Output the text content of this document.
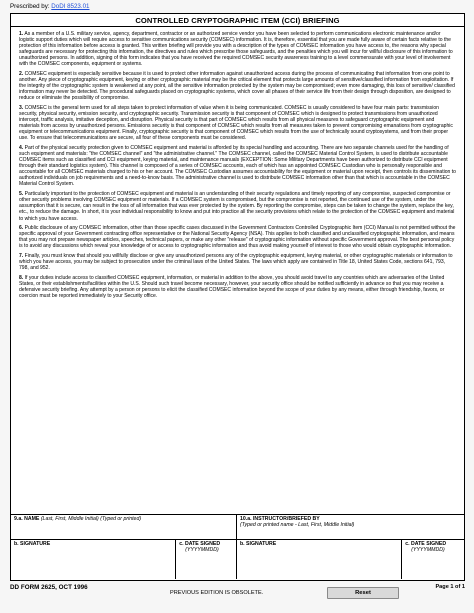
Prescribed by: DoDI 8523.01
CONTROLLED CRYPTOGRAPHIC ITEM (CCI) BRIEFING

1. As a member of a U.S. military service, agency, department, contractor or an authorized service vendor you have been selected to perform communications electronic maintenance and/or logistic support duties which will require access to sensitive communications security (COMSEC) information. It is, therefore, essential that you are made fully aware of certain facts relative to the protection of this information before access is granted. This written briefing will provide you with a description of the types of COMSEC information you have access to, the reasons why special safeguards are necessary for protecting this information, the directives and rules which prescribe those safeguards, and the penalties which you will incur for willful disclosure of this information to unauthorized persons. In addition, signing of this form indicates that you have received the required COMSEC security awareness training to a level commensurate with your level of involvement with the COMSEC components, equipment or systems.

2. COMSEC equipment is especially sensitive because it is used to protect other information against unauthorized access during the process of communicating that information from one point to another. Any piece of cryptographic equipment, keying or other cryptographic material may be the critical element that protects large amounts of sensitive/classified information from exploitation. If the integrity of the cryptographic system is weakened at any point, all the sensitive information protected by the system may be compromised; even more damaging, this loss of sensitive/ classified information may never be detected. The procedural safeguards placed on cryptographic systems, which cover all phases of their service life from their design through disposition, are designed to reduce or eliminate the possibility of compromise.

3. COMSEC is the general term used for all steps taken to protect information of value when it is being communicated. COMSEC is usually considered to have four main parts: transmission security, physical security, emission security, and cryptographic security. Transmission security is that component of COMSEC which is designed to protect transmissions from unauthorized intercept, traffic analysis, imitative deception, and disruption. Physical security is that part of COMSEC which results from all physical measures to safeguard cryptographic equipment and materials from access by unauthorized persons. Emissions security is that component of COMSEC which results from all measures taken to prevent compromising emanations from cryptographic equipment or telecommunications equipment. Finally, cryptographic security is that component of COMSEC which results from the use of technically sound cryptosystems, and from their proper use. To ensure that telecommunications are secure, all four of these components must be considered.

4. Part of the physical security protection given to COMSEC equipment and material is afforded by its special handling and accounting. There are two separate channels used for the handling of such equipment and materials: "the COMSEC channel" and "the administrative channel." The COMSEC channel, called the COMSEC Material Control System, is used to distribute accountable COMSEC items such as classified and CCI equipment, keying material, and maintenance manuals (EXCEPTION: Some Military Departments have been authorized to distribute CCI equipment through their standard logistics system). This channel is composed of a series of COMSEC accounts, each of which has an appointed COMSEC Custodian who is personally responsible and accountable for all COMSEC materials charged to his or her account. The COMSEC Custodian assumes accountability for the equipment or material upon receipt, then controls its dissemination to authorized individuals on job requirements and a need-to-know basis. The administrative channel is used to distribute COMSEC information other than that which is accountable in the COMSEC Material Control System.

5. Particularly important to the protection of COMSEC equipment and material is an understanding of their security regulations and timely reporting of any compromise, suspected compromise or other security problems involving COMSEC equipment or materials. If a COMSEC system is compromised, but the compromise is not reported, the continued use of the system, under the assumption that it is secure, can result in the loss of all information that was ever protected by the system. By reporting the compromise, steps can be taken to change the system, replace the key, etc., to reduce the damage. In short, it is your individual responsibility to know and put into practice all the security provisions which relate to the protection of the COMSEC equipment and material to which you have access.

6. Public disclosure of any COMSEC information, other than those specific cases discussed in the Government Contractors Controlled Cryptographic Item (CCI) Manual is not permitted without the specific approval of your Government contracting office representative or the National Security Agency (NSA). This applies to both classified and unclassified cryptographic information, and means that you may not prepare newspaper articles, speeches, technical papers, or make any other "release" of cryptographic information without specific Government approval. The best personal policy is to avoid any discussions which reveal your knowledge of or access to cryptographic information and thus avoid making yourself of interest to those who would obtain cryptographic information.

7. Finally, you must know that should you willfully disclose or give any unauthorized persons any of the cryptographic equipment, keying material, or other cryptographic materials or information to which you have access, you may be subject to prosecution under the criminal laws of the United States. The laws which apply are contained in Title 18, United States Code, sections 641, 793, 798, and 952.

8. If your duties include access to classified COMSEC equipment, information, or material in addition to the above, you should avoid travel to any countries which are adversaries of the United States, or their establishments/facilities within the U.S. Should such travel become necessary, however, your security office should be notified sufficiently in advance so that you may receive a defensive security briefing. Any attempt by a person or persons to elicit the classified COMSEC information beyond the scope of your duties by any means, either through friendship, favors, or coercion must be reported immediately to your Security office.

9.a. NAME (Last, First, Middle Initial) (Typed or printed)	10.a. INSTRUCTOR/BRIEFED BY
(Typed or printed name - Last, First, Middle Initial)
b. SIGNATURE	c. DATE SIGNED
(YYYYMMDD)
b. SIGNATURE	c. DATE SIGNED
(YYYYMMDD)
DD FORM 2625, OCT 1996
PREVIOUS EDITION IS OBSOLETE.	Reset
Page 1 of 1
